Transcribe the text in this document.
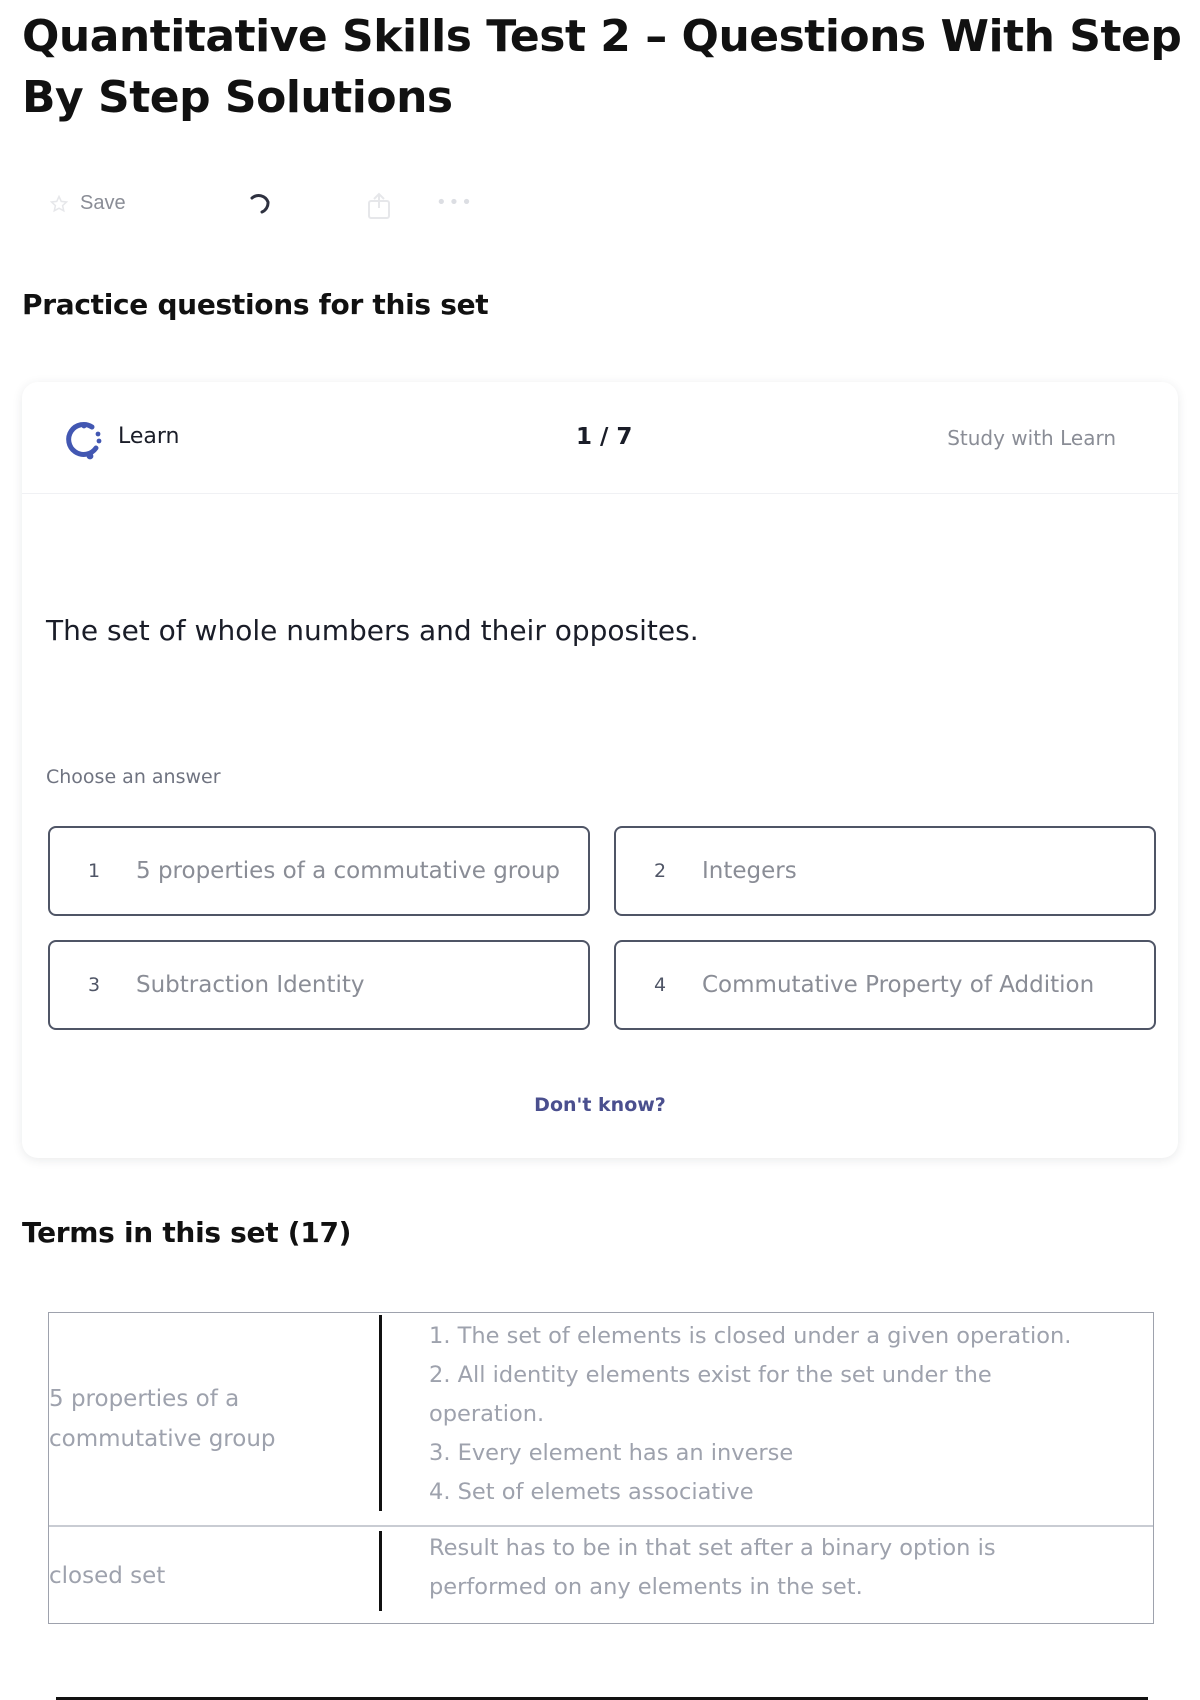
Quantitative Skills Test 2 – Questions With Step By Step Solutions
Save	•••
Practice questions for this set
Learn	1 / 7	Study with Learn

The set of whole numbers and their opposites.

Choose an answer

1	5 properties of a commutative group	2	Integers
3	Subtraction Identity	4	Commutative Property of Addition
Don't know?
Terms in this set (17)
5 properties of a commutative group

1. The set of elements is closed under a given operation.
2. All identity elements exist for the set under the operation.
3. Every element has an inverse
4. Set of elemets associative

closed set

Result has to be in that set after a binary option is performed on any elements in the set.
